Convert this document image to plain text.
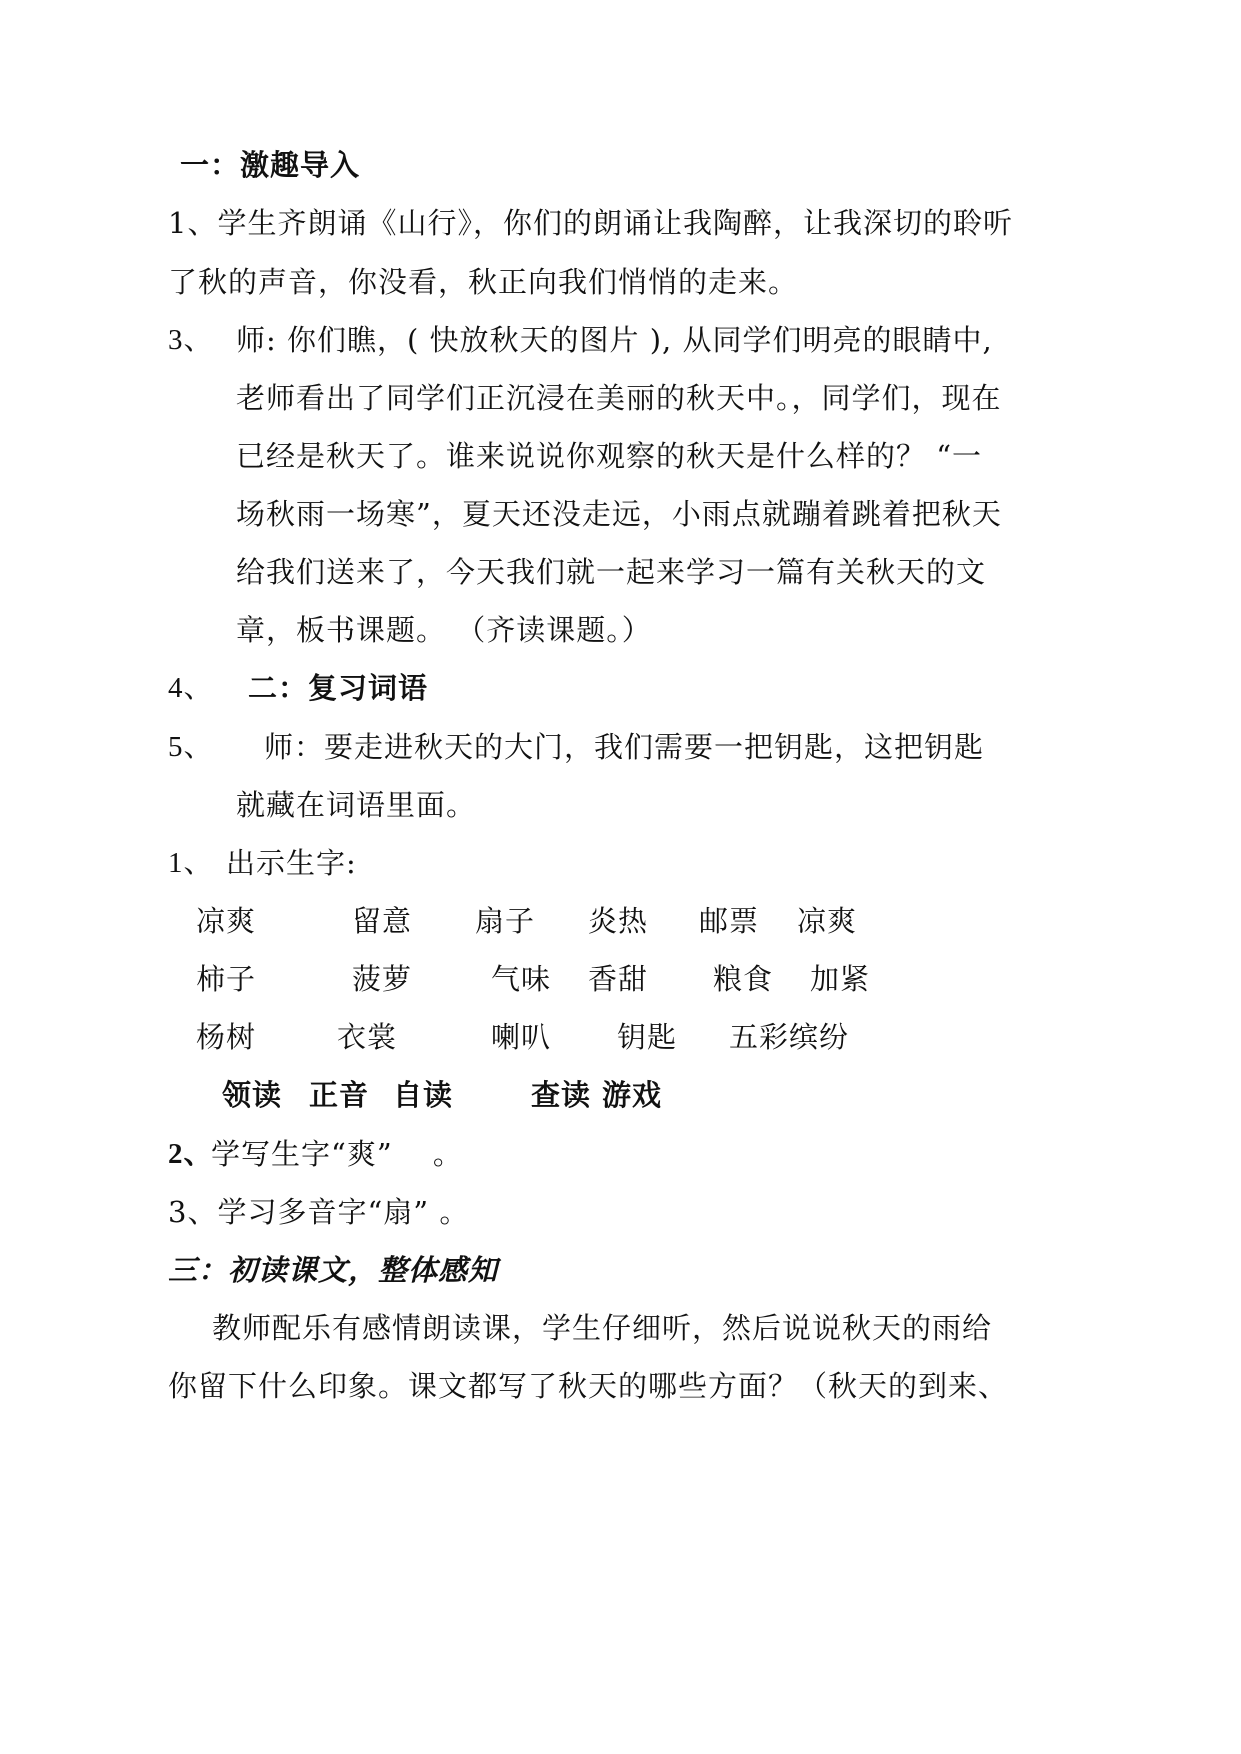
一：激趣导入
1、学生齐朗诵《山行》，你们的朗诵让我陶醉，让我深切的聆听
了秋的声音，你没看，秋正向我们悄悄的走来。
3、 师: 你们瞧，( 快放秋天的图片 ), 从同学们明亮的眼睛中,
老师看出了同学们正沉浸在美丽的秋天中。，同学们，现在
已经是秋天了。谁来说说你观察的秋天是什么样的？ “一
场秋雨一场寒”，夏天还没走远，小雨点就蹦着跳着把秋天
给我们送来了，今天我们就一起来学习一篇有关秋天的文
章，板书课题。 （齐读课题。）
4、 二：复习词语
5、 师：要走进秋天的大门，我们需要一把钥匙，这把钥匙
就藏在词语里面。
1、 出示生字:
凉爽	留意 扇子 炎热 邮票 凉爽
柿子	菠萝	气味 香甜 粮食 加紧
杨树	衣裳	喇叭 钥匙 五彩缤纷
领读 正音 自读	查读 游戏
2、
学写生字“爽”　 。
3、学习多音字“扇” 。
三：初读课文，整体感知
教师配乐有感情朗读课，学生仔细听，然后说说秋天的雨给
你留下什么印象。课文都写了秋天的哪些方面？（秋天的到来、
